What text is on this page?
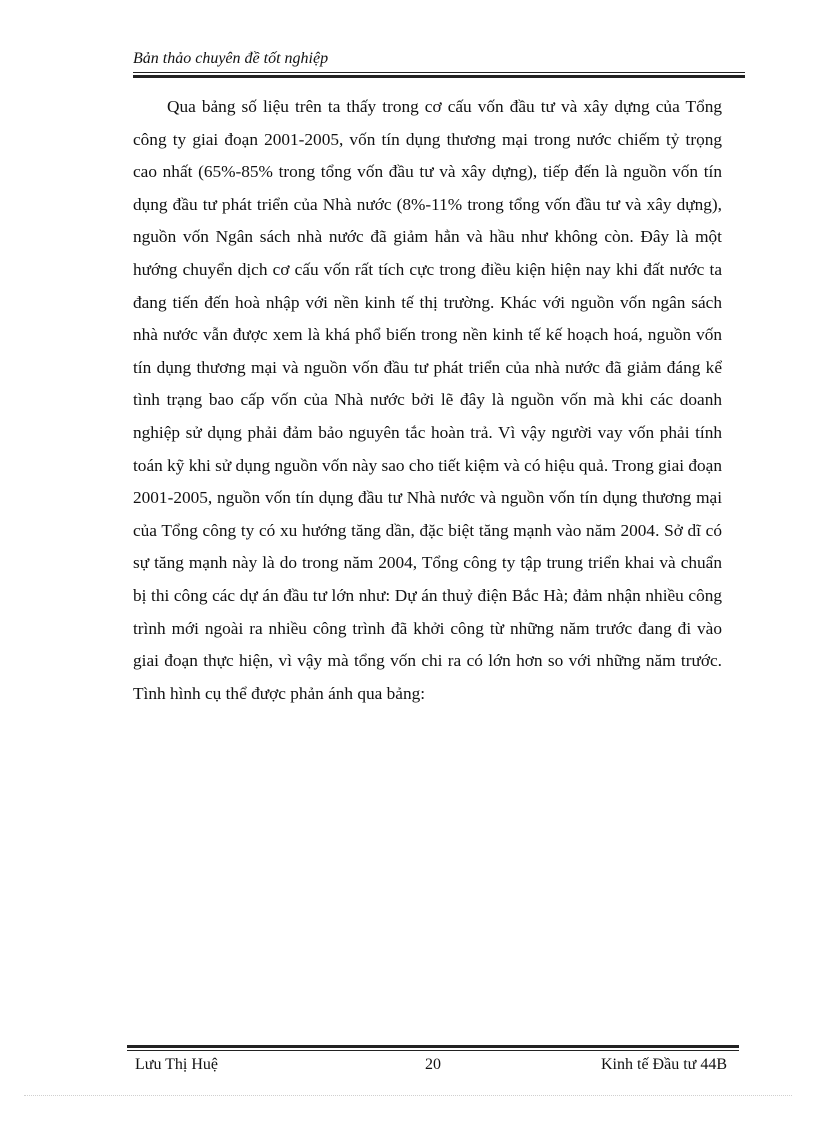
Bản thảo chuyên đề tốt nghiệp

Qua bảng số liệu trên ta thấy trong cơ cấu vốn đầu tư và xây dựng của Tổng công ty giai đoạn 2001-2005, vốn tín dụng thương mại trong nước chiếm tỷ trọng cao nhất (65%-85% trong tổng vốn đầu tư và xây dựng), tiếp đến là nguồn vốn tín dụng đầu tư phát triển của Nhà nước (8%-11% trong tổng vốn đầu tư và xây dựng), nguồn vốn Ngân sách nhà nước đã giảm hẳn và hầu như không còn. Đây là một hướng chuyển dịch cơ cấu vốn rất tích cực trong điều kiện hiện nay khi đất nước ta đang tiến đến hoà nhập với nền kinh tế thị trường. Khác với nguồn vốn ngân sách nhà nước vẫn được xem là khá phổ biến trong nền kinh tế kế hoạch hoá, nguồn vốn tín dụng thương mại và nguồn vốn đầu tư phát triển của nhà nước đã giảm đáng kể tình trạng bao cấp vốn của Nhà nước bởi lẽ đây là nguồn vốn mà khi các doanh nghiệp sử dụng phải đảm bảo nguyên tắc hoàn trả. Vì vậy người vay vốn phải tính toán kỹ khi sử dụng nguồn vốn này sao cho tiết kiệm và có hiệu quả. Trong giai đoạn 2001-2005, nguồn vốn tín dụng đầu tư Nhà nước và nguồn vốn tín dụng thương mại của Tổng công ty có xu hướng tăng dần, đặc biệt tăng mạnh vào năm 2004. Sở dĩ có sự tăng mạnh này là do trong năm 2004, Tổng công ty tập trung triển khai và chuẩn bị thi công các dự án đầu tư lớn như: Dự án thuỷ điện Bắc Hà; đảm nhận nhiều công trình mới ngoài ra nhiều công trình đã khởi công từ những năm trước đang đi vào giai đoạn thực hiện, vì vậy mà tổng vốn chi ra có lớn hơn so với những năm trước. Tình hình cụ thể được phản ánh qua bảng:

Lưu Thị Huệ	20	Kinh tế Đầu tư 44B
